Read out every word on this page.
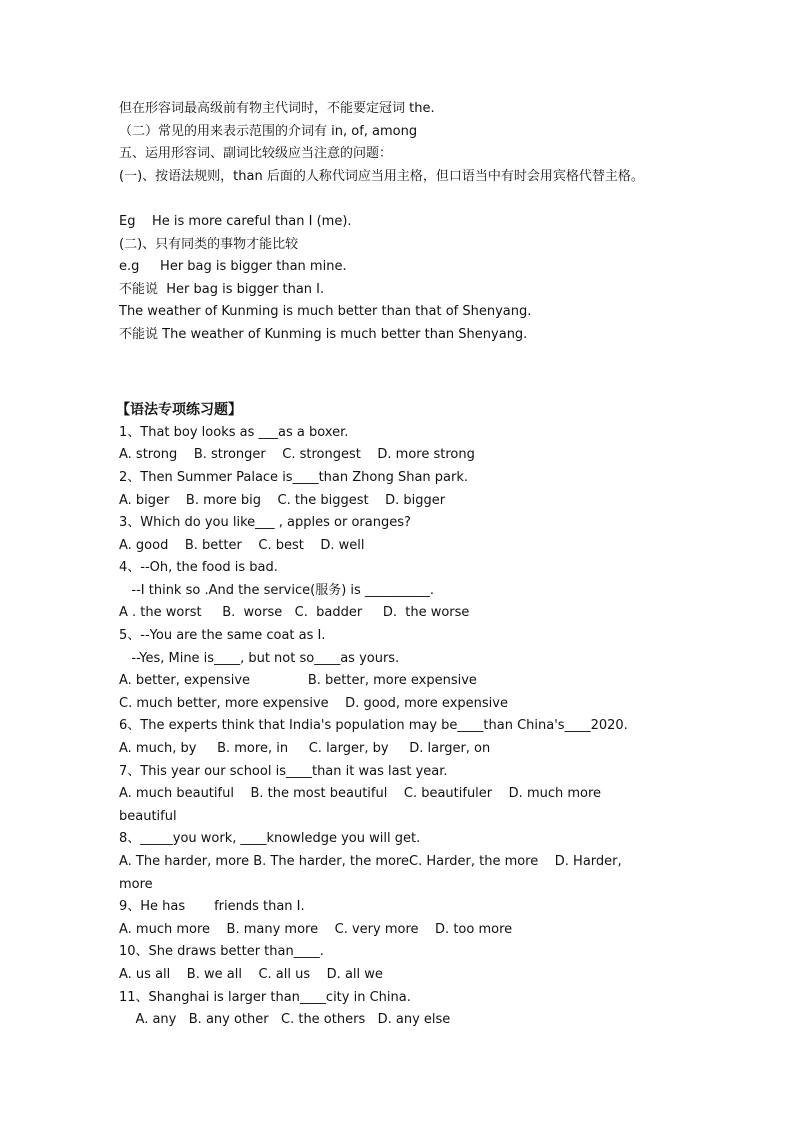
但在形容词最高级前有物主代词时，不能要定冠词 the.

（二）常见的用来表示范围的介词有 in, of, among

五、运用形容词、副词比较级应当注意的问题：

(一)、按语法规则，than 后面的人称代词应当用主格，但口语当中有时会用宾格代替主格。

Eg    He is more careful than I (me).

(二)、只有同类的事物才能比较

e.g     Her bag is bigger than mine.

不能说  Her bag is bigger than I.

The weather of Kunming is much better than that of Shenyang.

不能说 The weather of Kunming is much better than Shenyang.

【语法专项练习题】

1、That boy looks as ___as a boxer.

A. strong    B. stronger    C. strongest    D. more strong

2、Then Summer Palace is____than Zhong Shan park.

A. biger    B. more big    C. the biggest    D. bigger

3、Which do you like___ , apples or oranges?

A. good    B. better    C. best    D. well

4、--Oh, the food is bad.

--I think so .And the service(服务) is __________.

A . the worst     B.  worse   C.  badder     D.  the worse

5、--You are the same coat as I.

--Yes, Mine is____, but not so____as yours.

A. better, expensive              B. better, more expensive

C. much better, more expensive    D. good, more expensive

6、The experts think that India's population may be____than China's____2020.

A. much, by     B. more, in     C. larger, by     D. larger, on

7、This year our school is____than it was last year.

A. much beautiful    B. the most beautiful    C. beautifuler    D. much more

beautiful

8、_____you work, ____knowledge you will get.

A. The harder, more B. The harder, the moreC. Harder, the more    D. Harder,

more

9、He has       friends than I.

A. much more    B. many more    C. very more    D. too more

10、She draws better than____.

A. us all    B. we all    C. all us    D. all we

11、Shanghai is larger than____city in China.

A. any   B. any other   C. the others   D. any else
